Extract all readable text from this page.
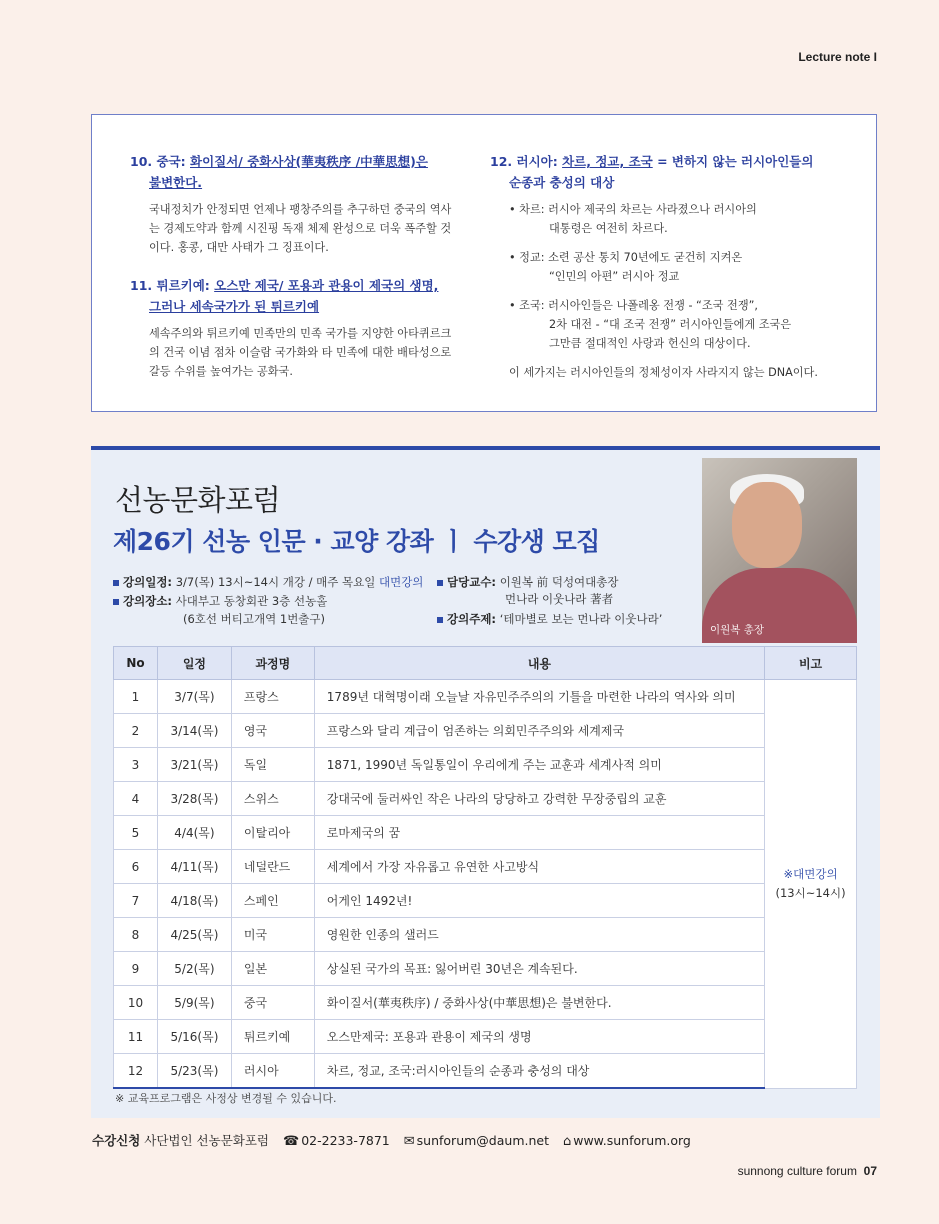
Lecture note I

10. 중국: 화이질서/ 중화사상(華夷秩序 /中華思想)은
불변한다.

국내정치가 안정되면 언제나 팽창주의를 추구하던 중국의 역사는 경제도약과 함께 시진핑 독재 체제 완성으로 더욱 폭주할 것이다. 홍콩, 대만 사태가 그 징표이다.

11. 튀르키예: 오스만 제국/ 포용과 관용이 제국의 생명,
그러나 세속국가가 된 튀르키예

세속주의와 튀르키예 민족만의 민족 국가를 지양한 아타퀴르크의 건국 이념 점차 이슬람 국가화와 타 민족에 대한 배타성으로 갈등 수위를 높여가는 공화국.

12. 러시아: 차르, 정교, 조국 = 변하지 않는 러시아인들의
순종과 충성의 대상

• 차르: 러시아 제국의 차르는 사라졌으나 러시아의
대통령은 여전히 차르다.
• 정교: 소련 공산 통치 70년에도 굳건히 지켜온
“인민의 아편” 러시아 정교
• 조국: 러시아인들은 나폴레옹 전쟁 - “조국 전쟁”,
2차 대전 - “대 조국 전쟁” 러시아인들에게 조국은
그만큼 절대적인 사랑과 헌신의 대상이다.
이 세가지는 러시아인들의 정체성이자 사라지지 않는 DNA이다.
선농문화포럼
제26기 선농 인문 · 교양 강좌 ㅣ 수강생 모집
강의일정: 3/7(목) 13시~14시 개강 / 매주 목요일 대면강의
강의장소: 사대부고 동창회관 3층 선농홀
(6호선 버티고개역 1번출구)
담당교수: 이원복 前 덕성여대총장
먼나라 이웃나라 著者
강의주제: ‘테마별로 보는 먼나라 이웃나라’
이원복 총장
No	일정	과정명	내용	비고
1	3/7(목)	프랑스	1789년 대혁명이래 오늘날 자유민주주의의 기틀을 마련한 나라의 역사와 의미	※대면강의
(13시~14시)
2	3/14(목)	영국	프랑스와 달리 계급이 엄존하는 의회민주주의와 세계제국	
3	3/21(목)	독일	1871, 1990년 독일통일이 우리에게 주는 교훈과 세계사적 의미	
4	3/28(목)	스위스	강대국에 둘러싸인 작은 나라의 당당하고 강력한 무장중립의 교훈	
5	4/4(목)	이탈리아	로마제국의 꿈	
6	4/11(목)	네덜란드	세계에서 가장 자유롭고 유연한 사고방식	
7	4/18(목)	스페인	어게인 1492년!	
8	4/25(목)	미국	영원한 인종의 샐러드	
9	5/2(목)	일본	상실된 국가의 목표: 잃어버린 30년은 계속된다.	
10	5/9(목)	중국	화이질서(華夷秩序) / 중화사상(中華思想)은 불변한다.	
11	5/16(목)	튀르키예	오스만제국: 포용과 관용이 제국의 생명	
12	5/23(목)	러시아	차르, 정교, 조국:러시아인들의 순종과 충성의 대상	
※ 교육프로그램은 사정상 변경될 수 있습니다.
수강신청 사단법인 선농문화포럼 ☎ 02-2233-7871 ✉ sunforum@daum.net ⌂ www.sunforum.org
sunnong culture forum 07
